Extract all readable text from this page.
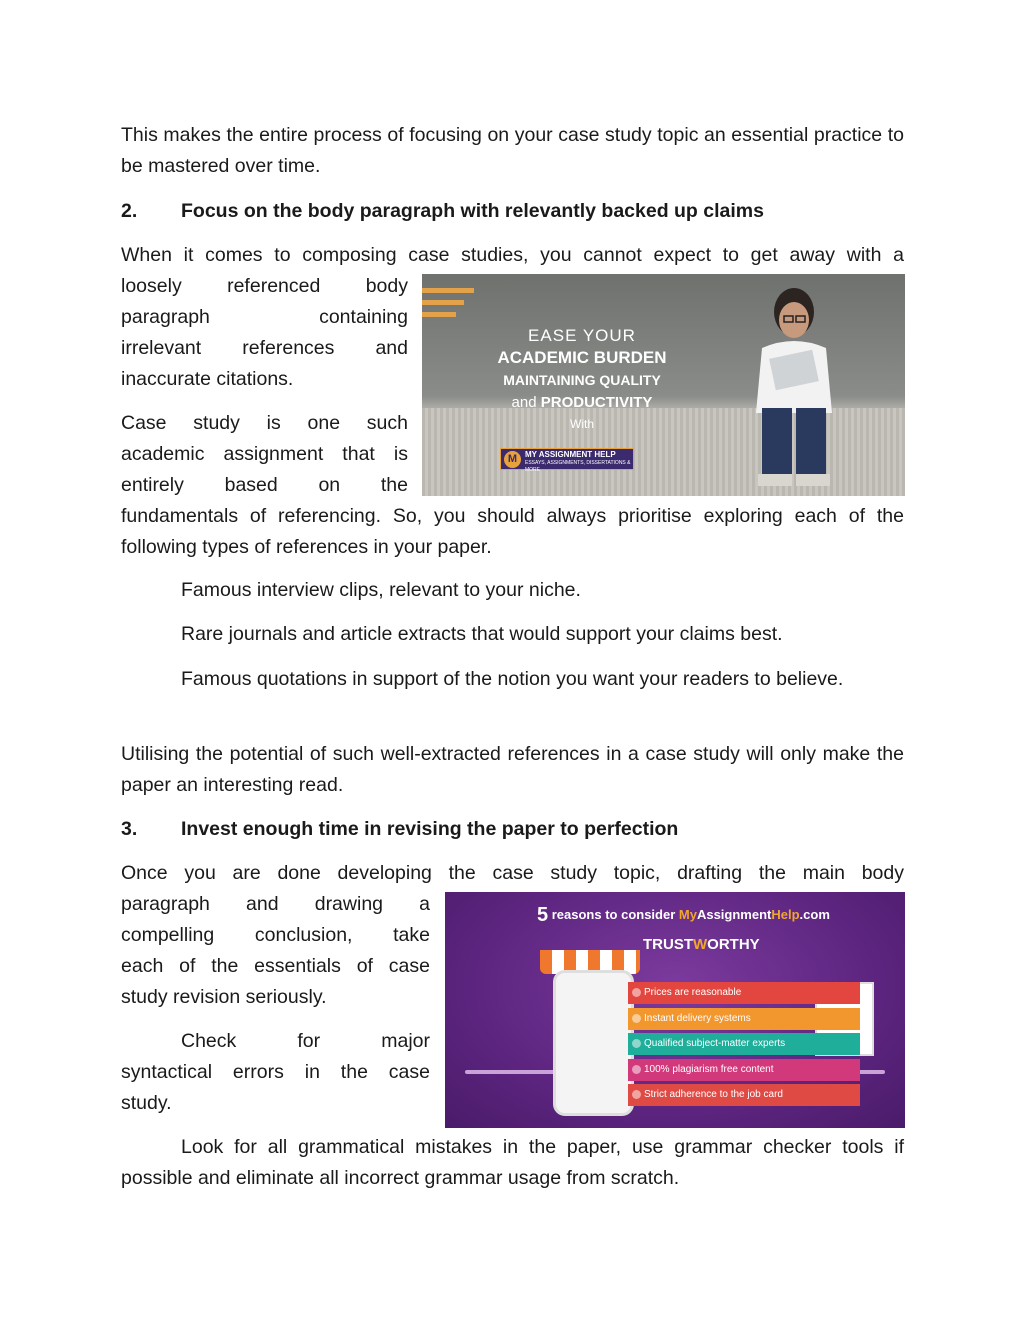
This makes the entire process of focusing on your case study topic an essential practice to be mastered over time.

2. Focus on the body paragraph with relevantly backed up claims

When it comes to composing case studies, you cannot expect to get away with a

loosely referenced body
paragraph containing
irrelevant references and
inaccurate citations.
Case study is one such
academic assignment that is
entirely based on the

fundamentals of referencing. So, you should always prioritise exploring each of the following types of references in your paper.

EASE YOUR
ACADEMIC BURDEN
MAINTAINING QUALITY
and PRODUCTIVITY
With
M MY ASSIGNMENT HELP
ESSAYS, ASSIGNMENTS, DISSERTATIONS & MORE

Famous interview clips, relevant to your niche.

Rare journals and article extracts that would support your claims best.

Famous quotations in support of the notion you want your readers to believe.

Utilising the potential of such well-extracted references in a case study will only make the paper an interesting read.

3. Invest enough time in revising the paper to perfection

Once you are done developing the case study topic, drafting the main body

paragraph and drawing a
compelling conclusion, take
each of the essentials of case
study revision seriously.
Check for major
syntactical errors in the case
study.
5 reasons to consider MyAssignmentHelp.com
TRUSTWORTHY
Prices are reasonable
Instant delivery systems
Qualified subject-matter experts
100% plagiarism free content
Strict adherence to the job card

Look for all grammatical mistakes in the paper, use grammar checker tools if possible and eliminate all incorrect grammar usage from scratch.
